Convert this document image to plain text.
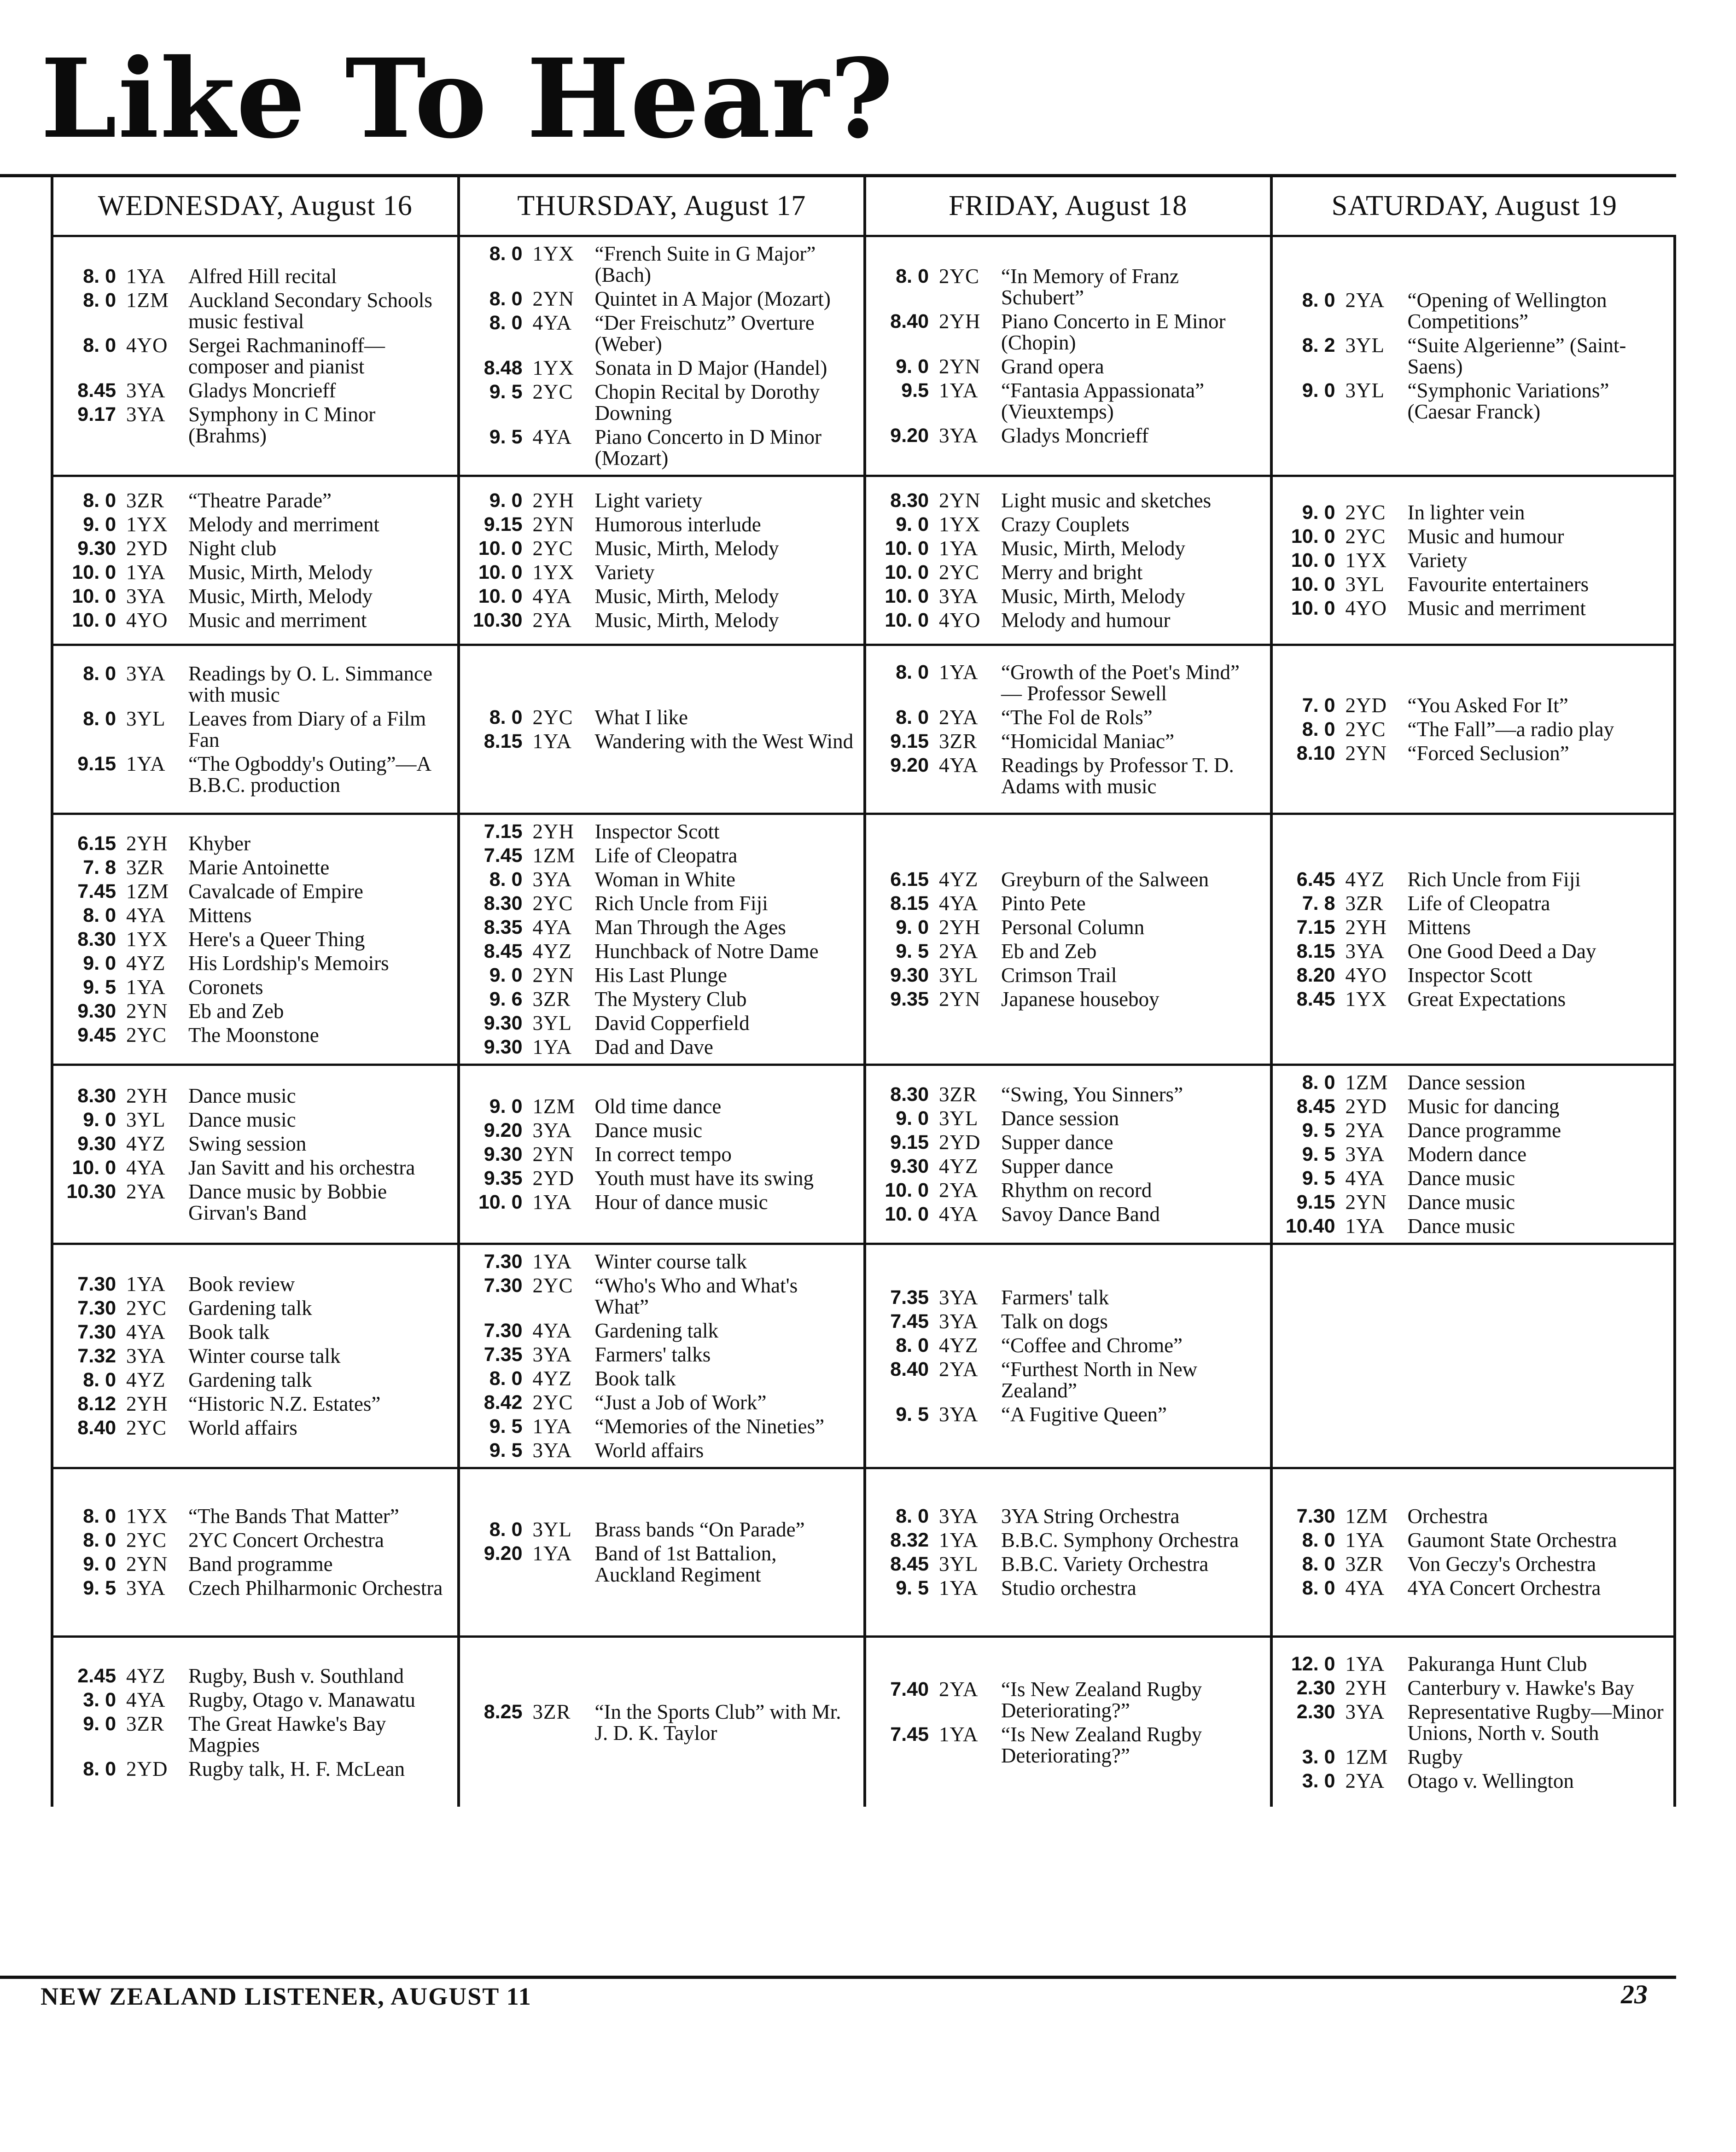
Like To Hear?
WEDNESDAY, August 16	THURSDAY, August 17	FRIDAY, August 18	SATURDAY, August 19
8. 0 1YA	Alfred Hill recital
8. 0 1ZM Auckland Secondary Schools music festival
8. 0 4YO Sergei Rachmaninoff—composer and pianist
8.45 3YA	Gladys Moncrieff
9.17 3YA	Symphony in C Minor (Brahms)
8. 0 1YX “French Suite in G Major” (Bach)
8. 0 2YN Quintet in A Major (Mozart)
8. 0 4YA	“Der Freischutz” Overture (Weber)
8.48 1YX Sonata in D Major (Handel)
9. 5 2YC	Chopin Recital by Dorothy Downing
9. 5 4YA	Piano Concerto in D Minor (Mozart)
8. 0 2YC	“In Memory of Franz Schubert”
8.40 2YH Piano Concerto in E Minor (Chopin)
9. 0 2YN Grand opera
9.5 1YA	“Fantasia Appassionata” (Vieuxtemps)
9.20 3YA	Gladys Moncrieff
8. 0 2YA	“Opening of Wellington Competitions”
8. 2 3YL	“Suite Algerienne” (Saint-Saens)
9. 0 3YL	“Symphonic Variations” (Caesar Franck)
8. 0 3ZR	“Theatre Parade”
9. 0 1YX Melody and merriment
9.30 2YD Night club
10. 0 1YA	Music, Mirth, Melody
10. 0 3YA	Music, Mirth, Melody
10. 0 4YO Music and merriment
9. 0 2YH Light variety
9.15 2YN Humorous interlude
10. 0 2YC	Music, Mirth, Melody
10. 0 1YX Variety
10. 0 4YA	Music, Mirth, Melody
10.30 2YA	Music, Mirth, Melody
8.30 2YN Light music and sketches
9. 0 1YX Crazy Couplets
10. 0 1YA	Music, Mirth, Melody
10. 0 2YC	Merry and bright
10. 0 3YA	Music, Mirth, Melody
10. 0 4YO Melody and humour
9. 0 2YC	In lighter vein
10. 0 2YC	Music and humour
10. 0 1YX Variety
10. 0 3YL	Favourite entertainers
10. 0 4YO Music and merriment
8. 0 3YA	Readings by O. L. Simmance with music
8. 0 3YL	Leaves from Diary of a Film Fan
9.15 1YA	“The Ogboddy's Outing”—A B.B.C. production
8. 0 2YC	What I like
8.15 1YA	Wandering with the West Wind
8. 0 1YA	“Growth of the Poet's Mind” — Professor Sewell
8. 0 2YA	“The Fol de Rols”
9.15 3ZR	“Homicidal Maniac”
9.20 4YA	Readings by Professor T. D. Adams with music
7. 0 2YD “You Asked For It”
8. 0 2YC	“The Fall”—a radio play
8.10 2YN “Forced Seclusion”
6.15 2YH Khyber
7. 8 3ZR	Marie Antoinette
7.45 1ZM Cavalcade of Empire
8. 0 4YA	Mittens
8.30 1YX Here's a Queer Thing
9. 0 4YZ	His Lordship's Memoirs
9. 5 1YA	Coronets
9.30 2YN Eb and Zeb
9.45 2YC	The Moonstone
7.15 2YH Inspector Scott
7.45 1ZM Life of Cleopatra
8. 0 3YA	Woman in White
8.30 2YC	Rich Uncle from Fiji
8.35 4YA	Man Through the Ages
8.45 4YZ	Hunchback of Notre Dame
9. 0 2YN His Last Plunge
9. 6 3ZR	The Mystery Club
9.30 3YL	David Copperfield
9.30 1YA	Dad and Dave
6.15 4YZ	Greyburn of the Salween
8.15 4YA	Pinto Pete
9. 0 2YH Personal Column
9. 5 2YA	Eb and Zeb
9.30 3YL	Crimson Trail
9.35 2YN Japanese houseboy
6.45 4YZ	Rich Uncle from Fiji
7. 8 3ZR	Life of Cleopatra
7.15 2YH Mittens
8.15 3YA	One Good Deed a Day
8.20 4YO Inspector Scott
8.45 1YX Great Expectations
8.30 2YH Dance music
9. 0 3YL	Dance music
9.30 4YZ	Swing session
10. 0 4YA	Jan Savitt and his orchestra
10.30 2YA	Dance music by Bobbie Girvan's Band
9. 0 1ZM Old time dance
9.20 3YA	Dance music
9.30 2YN In correct tempo
9.35 2YD Youth must have its swing
10. 0 1YA	Hour of dance music
8.30 3ZR	“Swing, You Sinners”
9. 0 3YL	Dance session
9.15 2YD Supper dance
9.30 4YZ	Supper dance
10. 0 2YA	Rhythm on record
10. 0 4YA	Savoy Dance Band
8. 0 1ZM Dance session
8.45 2YD Music for dancing
9. 5 2YA	Dance programme
9. 5 3YA	Modern dance
9. 5 4YA	Dance music
9.15 2YN Dance music
10.40 1YA	Dance music
7.30 1YA	Book review
7.30 2YC	Gardening talk
7.30 4YA	Book talk
7.32 3YA	Winter course talk
8. 0 4YZ	Gardening talk
8.12 2YH “Historic N.Z. Estates”
8.40 2YC	World affairs
7.30 1YA	Winter course talk
7.30 2YC	“Who's Who and What's What”
7.30 4YA	Gardening talk
7.35 3YA	Farmers' talks
8. 0 4YZ	Book talk
8.42 2YC	“Just a Job of Work”
9. 5 1YA	“Memories of the Nineties”
9. 5 3YA	World affairs
7.35 3YA	Farmers' talk
7.45 3YA	Talk on dogs
8. 0 4YZ	“Coffee and Chrome”
8.40 2YA	“Furthest North in New Zealand”
9. 5 3YA	“A Fugitive Queen”
8. 0 1YX “The Bands That Matter”
8. 0 2YC	2YC Concert Orchestra
9. 0 2YN Band programme
9. 5 3YA	Czech Philharmonic Orchestra
8. 0 3YL	Brass bands “On Parade”
9.20 1YA	Band of 1st Battalion, Auckland Regiment
8. 0 3YA	3YA String Orchestra
8.32 1YA	B.B.C. Symphony Orchestra
8.45 3YL	B.B.C. Variety Orchestra
9. 5 1YA	Studio orchestra
7.30 1ZM Orchestra
8. 0 1YA	Gaumont State Orchestra
8. 0 3ZR	Von Geczy's Orchestra
8. 0 4YA	4YA Concert Orchestra
2.45 4YZ	Rugby, Bush v. Southland
3. 0 4YA	Rugby, Otago v. Manawatu
9. 0 3ZR	The Great Hawke's Bay Magpies
8. 0 2YD Rugby talk, H. F. McLean
8.25 3ZR	“In the Sports Club” with Mr. J. D. K. Taylor
7.40 2YA	“Is New Zealand Rugby Deteriorating?”
7.45 1YA	“Is New Zealand Rugby Deteriorating?”
12. 0 1YA	Pakuranga Hunt Club
2.30 2YH Canterbury v. Hawke's Bay
2.30 3YA	Representative Rugby—Minor Unions, North v. South
3. 0 1ZM Rugby
3. 0 2YA	Otago v. Wellington
NEW ZEALAND LISTENER, AUGUST 11	23
